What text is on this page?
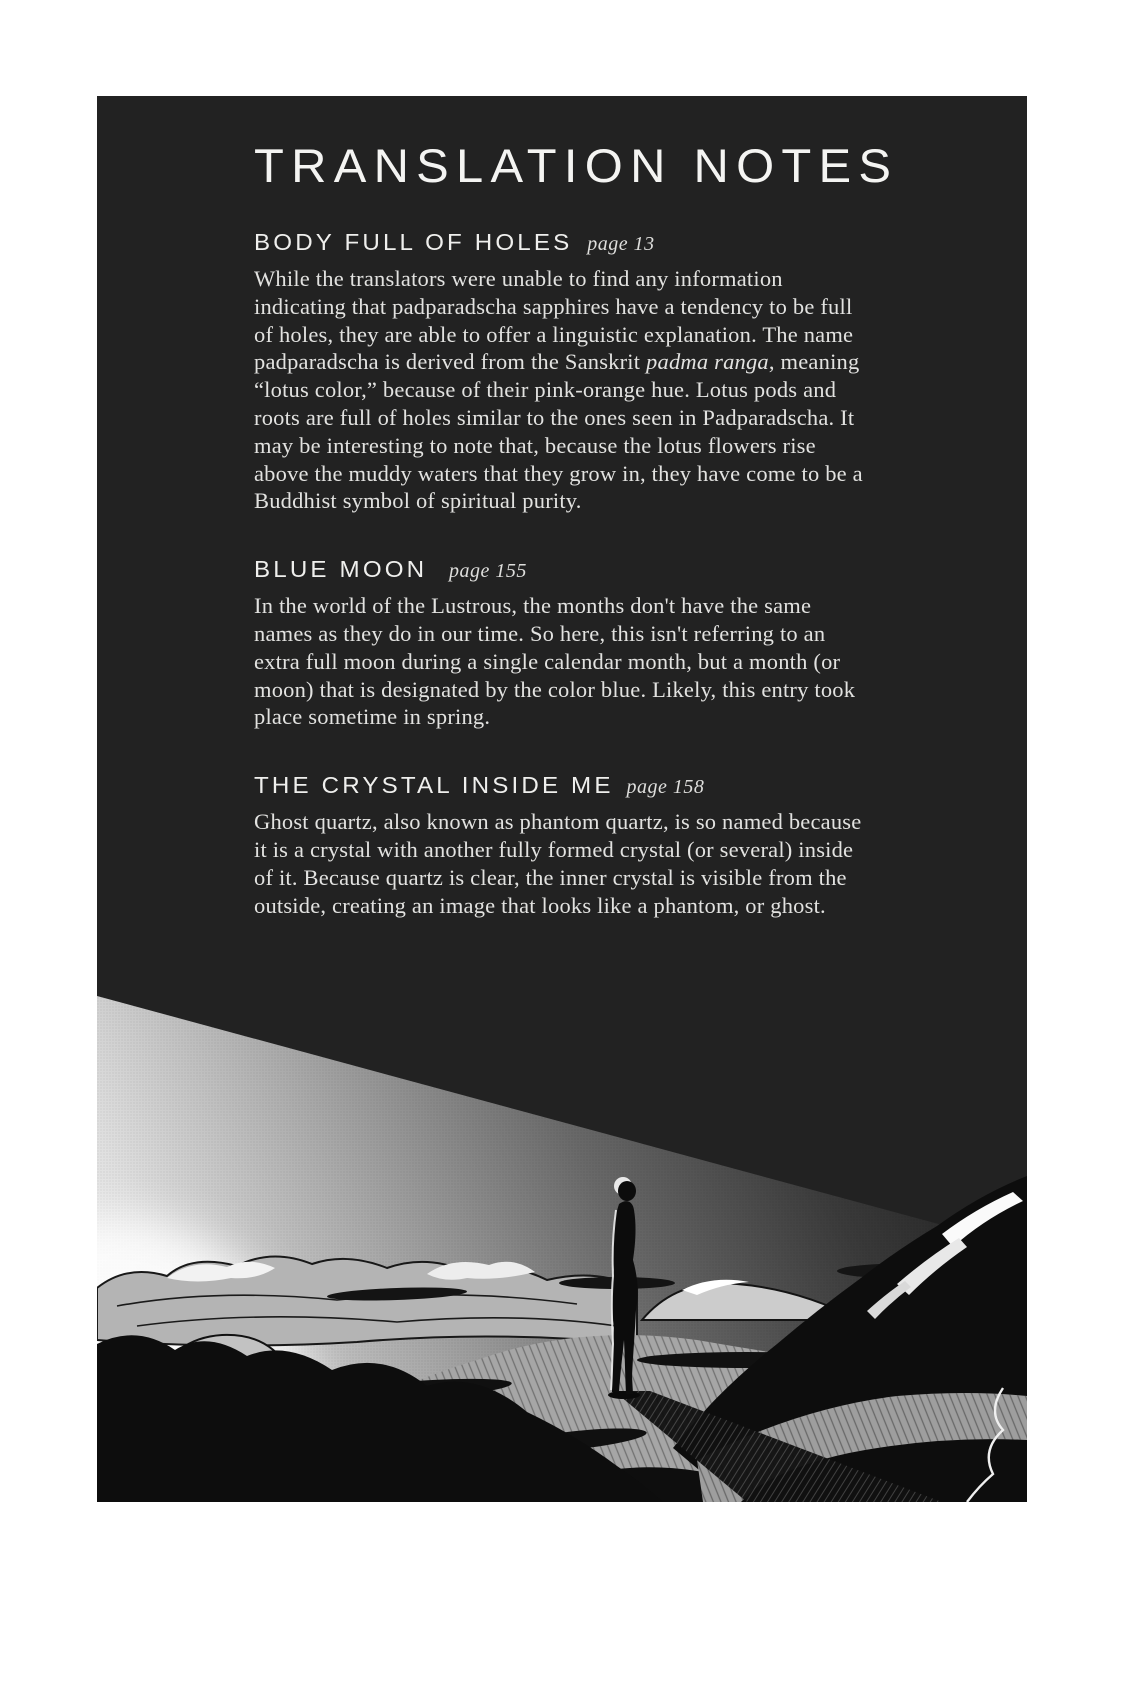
TRANSLATION NOTES
BODY FULL OF HOLES page 13
While the translators were unable to find any information indicating that padparadscha sapphires have a tendency to be full of holes, they are able to offer a linguistic explanation. The name padparadscha is derived from the Sanskrit padma ranga, meaning “lotus color,” because of their pink-orange hue. Lotus pods and roots are full of holes similar to the ones seen in Padparadscha. It may be interesting to note that, because the lotus flowers rise above the muddy waters that they grow in, they have come to be a Buddhist symbol of spiritual purity.
BLUE MOON page 155
In the world of the Lustrous, the months don't have the same names as they do in our time. So here, this isn't referring to an extra full moon during a single calendar month, but a month (or moon) that is designated by the color blue. Likely, this entry took place sometime in spring.
THE CRYSTAL INSIDE ME page 158
Ghost quartz, also known as phantom quartz, is so named because it is a crystal with another fully formed crystal (or several) inside of it. Because quartz is clear, the inner crystal is visible from the outside, creating an image that looks like a phantom, or ghost.
